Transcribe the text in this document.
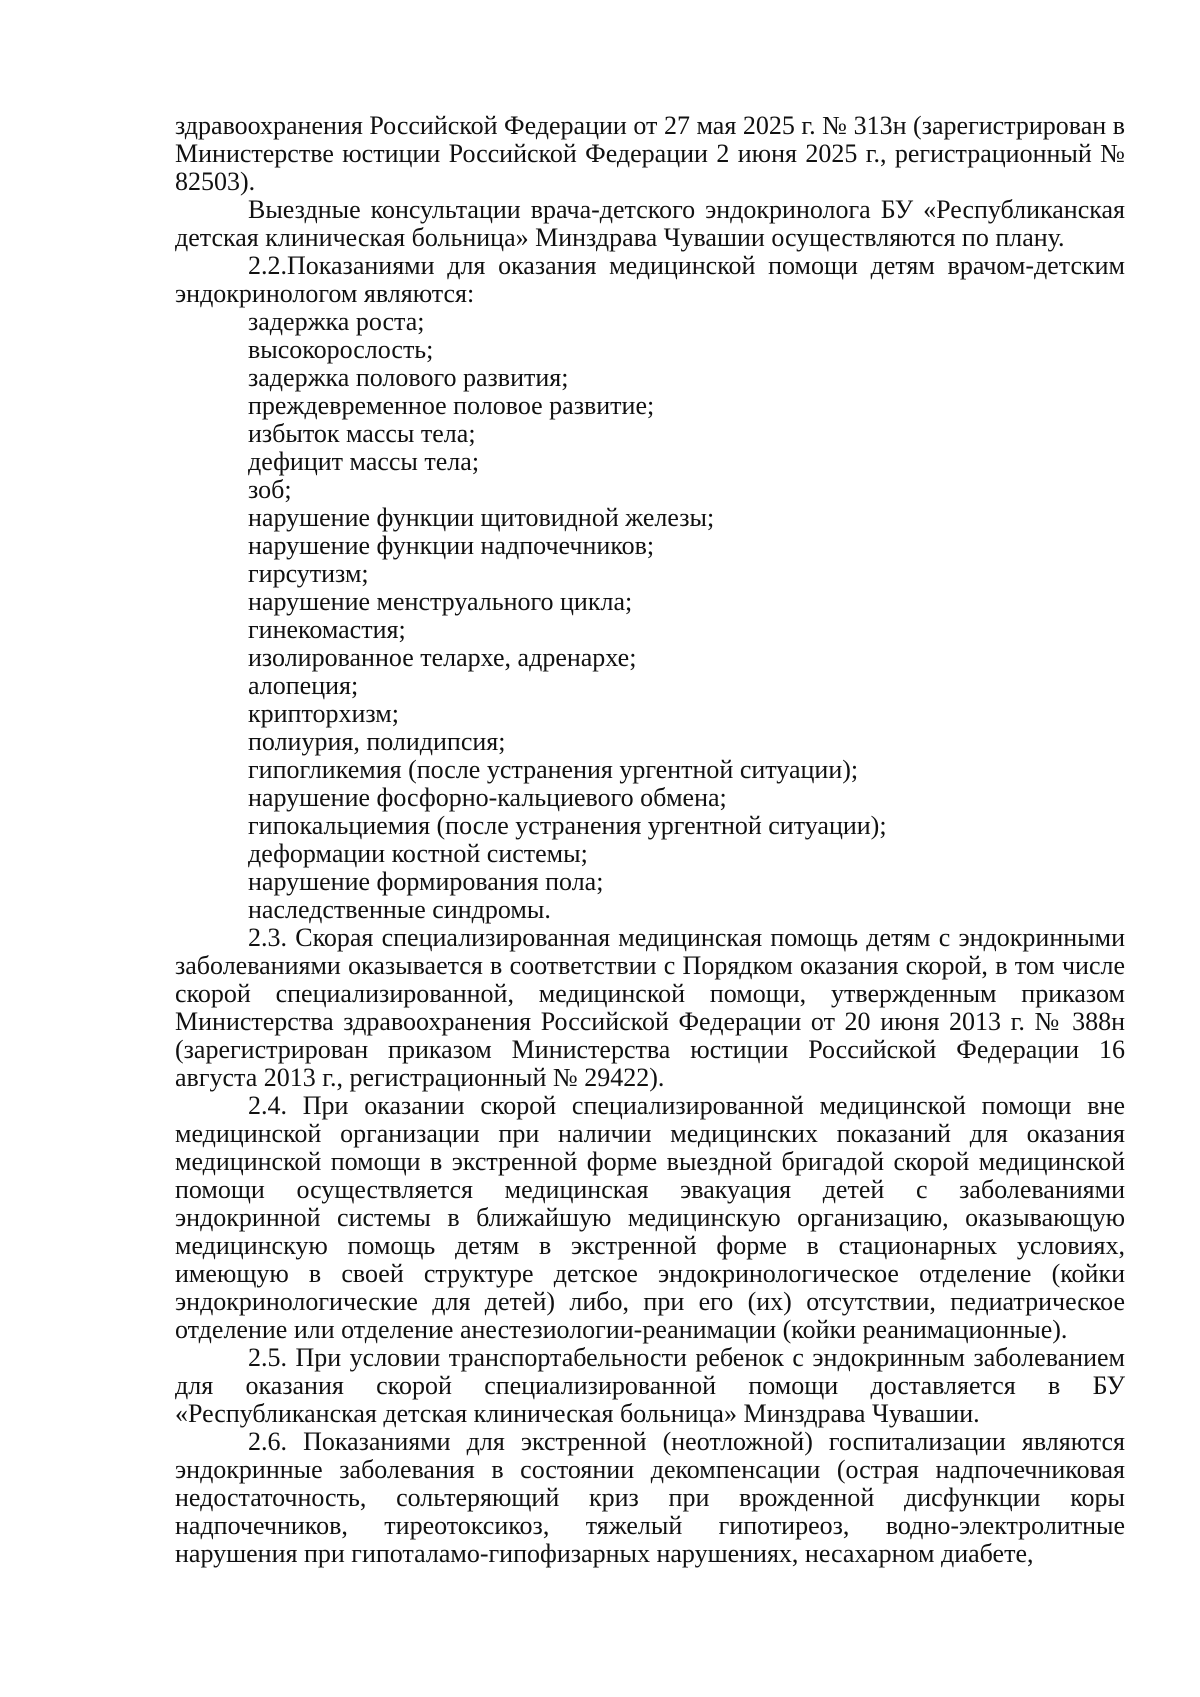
здравоохранения Российской Федерации от 27 мая 2025 г. № 313н (зарегистрирован в Министерстве юстиции Российской Федерации 2 июня 2025 г., регистрационный № 82503).

Выездные консультации врача-детского эндокринолога БУ «Республиканская детская клиническая больница» Минздрава Чувашии осуществляются по плану.

2.2.Показаниями для оказания медицинской помощи детям врачом-детским эндокринологом являются:

задержка роста;
высокорослость;
задержка полового развития;
преждевременное половое развитие;
избыток массы тела;
дефицит массы тела;
зоб;
нарушение функции щитовидной железы;
нарушение функции надпочечников;
гирсутизм;
нарушение менструального цикла;
гинекомастия;
изолированное телархе, адренархе;
алопеция;
крипторхизм;
полиурия, полидипсия;
гипогликемия (после устранения ургентной ситуации);
нарушение фосфорно-кальциевого обмена;
гипокальциемия (после устранения ургентной ситуации);
деформации костной системы;
нарушение формирования пола;
наследственные синдромы.

2.3. Скорая специализированная медицинская помощь детям с эндокринными заболеваниями оказывается в соответствии с Порядком оказания скорой, в том числе скорой специализированной, медицинской помощи, утвержденным приказом Министерства здравоохранения Российской Федерации от 20 июня 2013 г. № 388н (зарегистрирован приказом Министерства юстиции Российской Федерации 16 августа 2013 г., регистрационный № 29422).

2.4. При оказании скорой специализированной медицинской помощи вне медицинской организации при наличии медицинских показаний для оказания медицинской помощи в экстренной форме выездной бригадой скорой медицинской помощи осуществляется медицинская эвакуация детей с заболеваниями эндокринной системы в ближайшую медицинскую организацию, оказывающую медицинскую помощь детям в экстренной форме в стационарных условиях, имеющую в своей структуре детское эндокринологическое отделение (койки эндокринологические для детей) либо, при его (их) отсутствии, педиатрическое отделение или отделение анестезиологии-реанимации (койки реанимационные).

2.5. При условии транспортабельности ребенок с эндокринным заболеванием для оказания скорой специализированной помощи доставляется в БУ «Республиканская детская клиническая больница» Минздрава Чувашии.

2.6. Показаниями для экстренной (неотложной) госпитализации являются эндокринные заболевания в состоянии декомпенсации (острая надпочечниковая недостаточность, сольтеряющий криз при врожденной дисфункции коры надпочечников, тиреотоксикоз, тяжелый гипотиреоз, водно-электролитные нарушения при гипоталамо-гипофизарных нарушениях, несахарном диабете,
